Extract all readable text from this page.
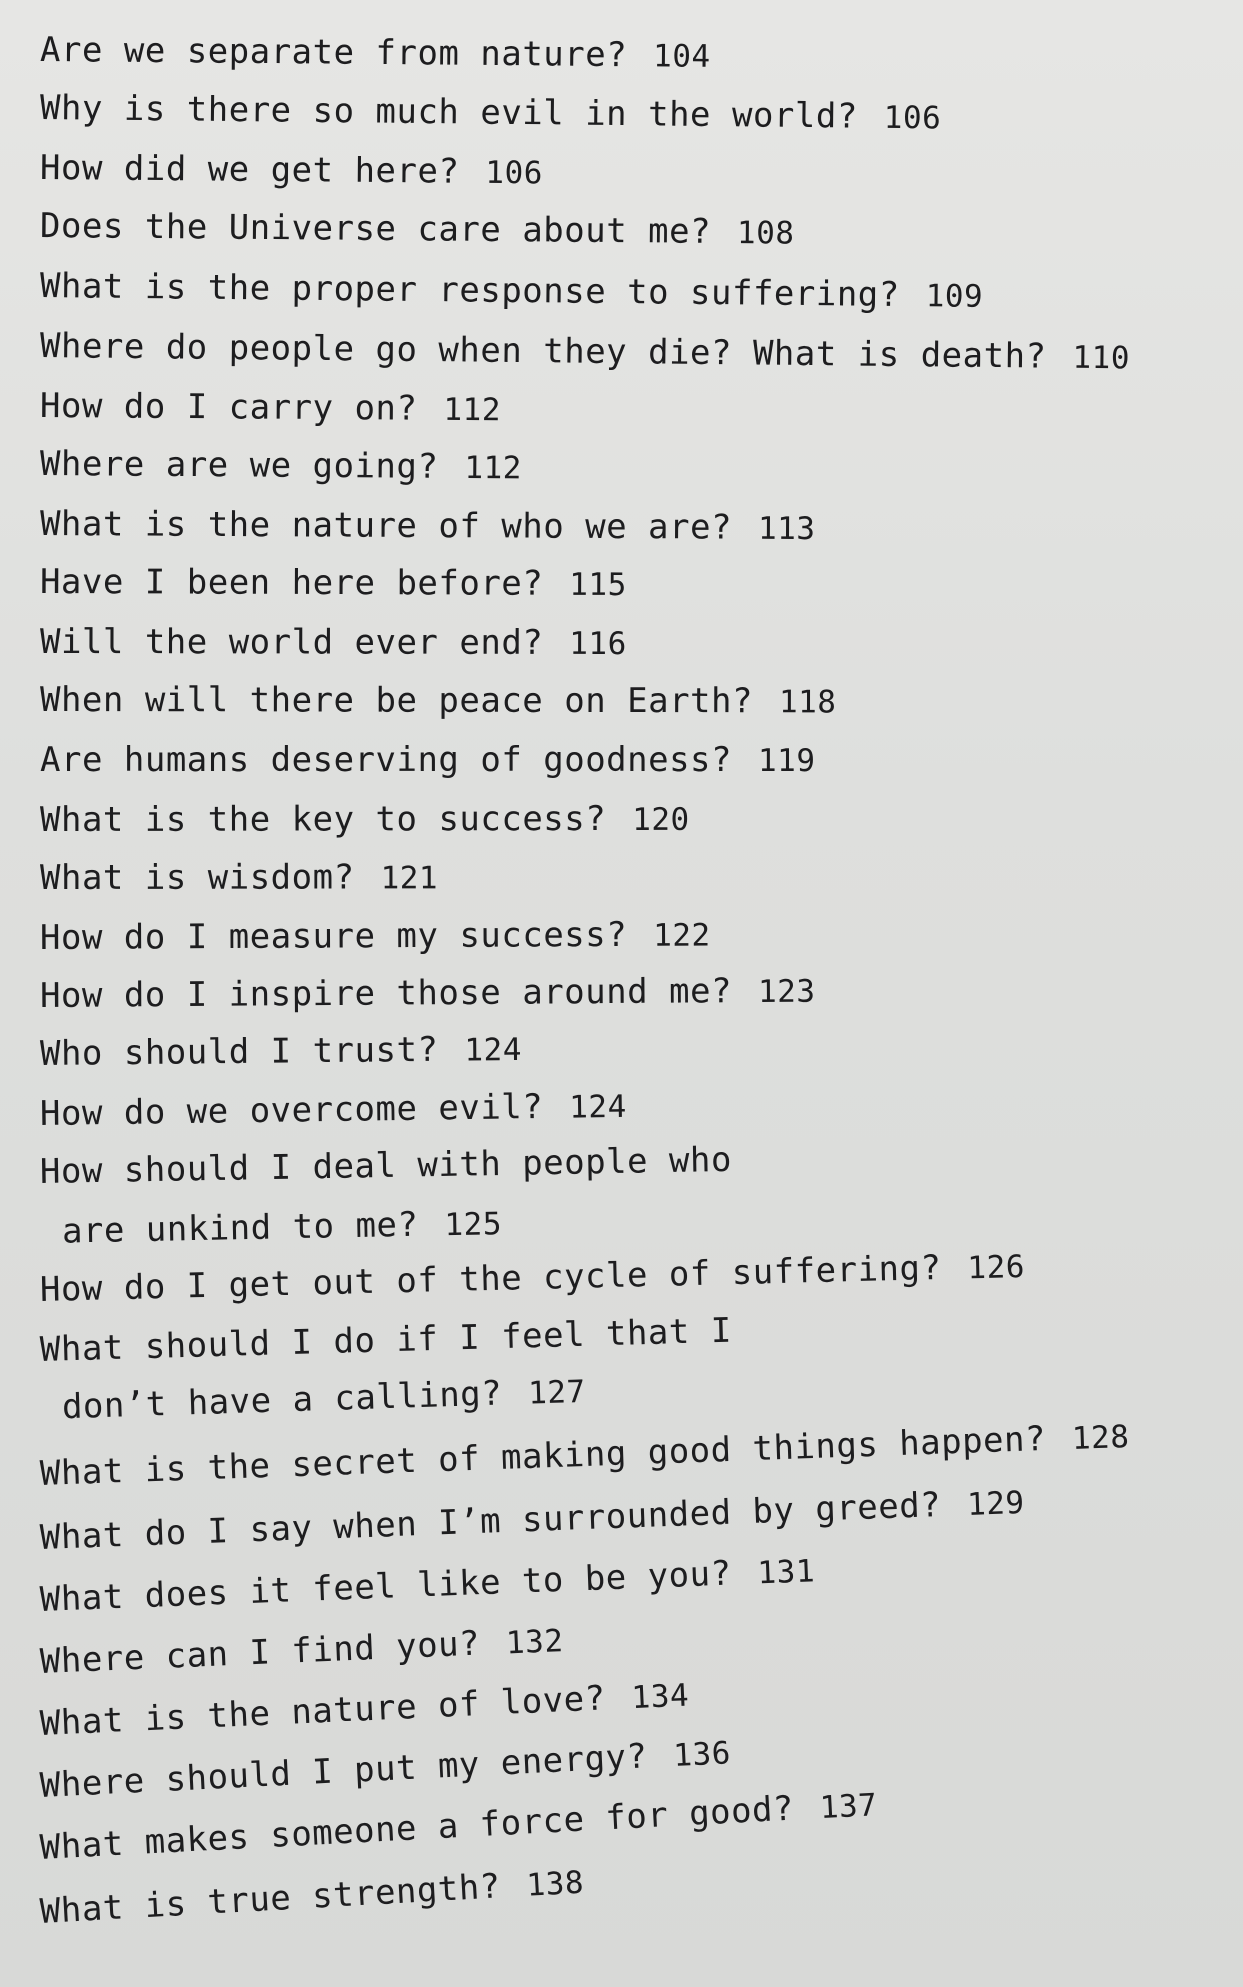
Are we separate from nature? 104
Why is there so much evil in the world? 106
How did we get here? 106
Does the Universe care about me? 108
What is the proper response to suffering? 109
Where do people go when they die? What is death? 110
How do I carry on? 112
Where are we going? 112
What is the nature of who we are? 113
Have I been here before? 115
Will the world ever end? 116
When will there be peace on Earth? 118
Are humans deserving of goodness? 119
What is the key to success? 120
What is wisdom? 121
How do I measure my success? 122
How do I inspire those around me? 123
Who should I trust? 124
How do we overcome evil? 124
How should I deal with people who
are unkind to me? 125
How do I get out of the cycle of suffering? 126
What should I do if I feel that I
don’t have a calling? 127
What is the secret of making good things happen? 128
What do I say when I’m surrounded by greed? 129
What does it feel like to be you? 131
Where can I find you? 132
What is the nature of love? 134
Where should I put my energy? 136
What makes someone a force for good? 137
What is true strength? 138
